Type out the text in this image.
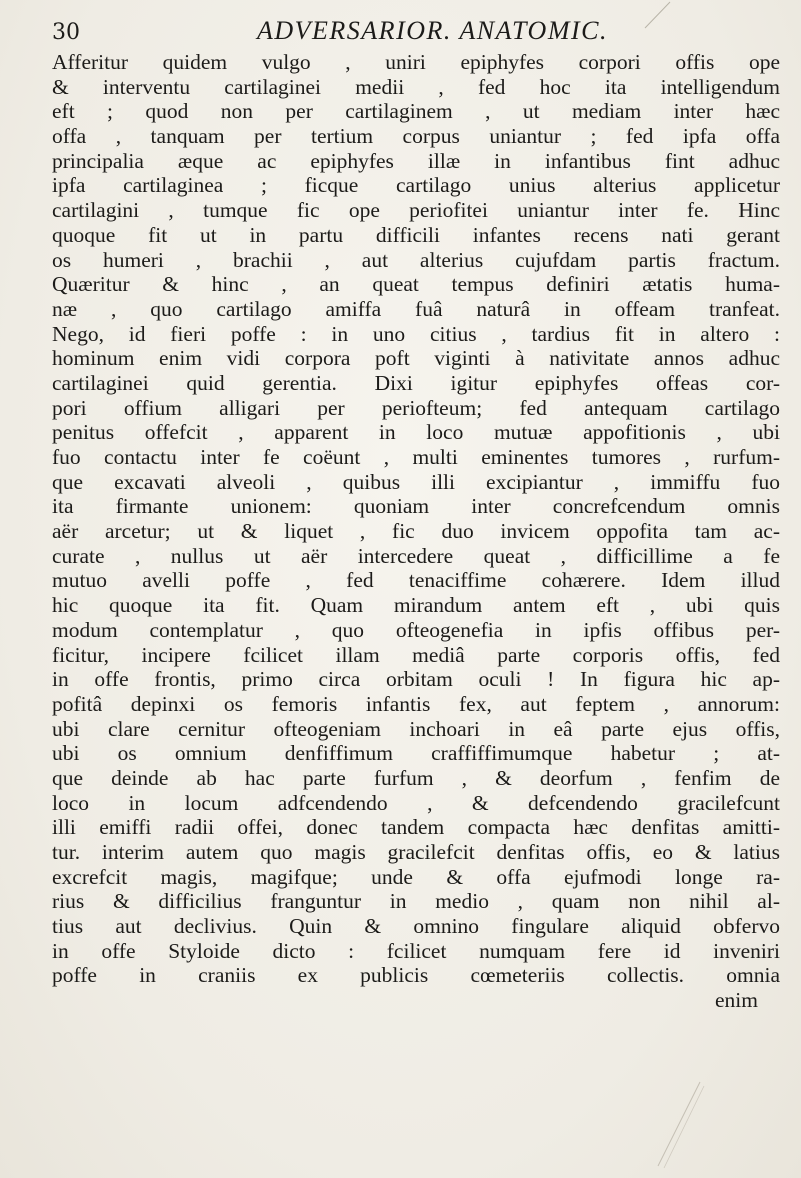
30	ADVERSARIOR. ANATOMIC.
Afferitur quidem vulgo , uniri epiphyfes corpori offis ope
& interventu cartilaginei medii , fed hoc ita intelligendum
eft ; quod non per cartilaginem , ut mediam inter hæc
offa , tanquam per tertium corpus uniantur ; fed ipfa offa
principalia æque ac epiphyfes illæ in infantibus fint adhuc
ipfa cartilaginea ; ficque cartilago unius alterius applicetur
cartilagini , tumque fic ope periofitei uniantur inter fe. Hinc
quoque fit ut in partu difficili infantes recens nati gerant
os humeri , brachii , aut alterius cujufdam partis fractum.
Quæritur & hinc , an queat tempus definiri ætatis huma-
næ , quo cartilago amiffa fuâ naturâ in offeam tranfeat.
Nego, id fieri poffe : in uno citius , tardius fit in altero :
hominum enim vidi corpora poft viginti à nativitate annos adhuc
cartilaginei quid gerentia. Dixi igitur epiphyfes offeas cor-
pori offium alligari per periofteum; fed antequam cartilago
penitus offefcit , apparent in loco mutuæ appofitionis , ubi
fuo contactu inter fe coëunt , multi eminentes tumores , rurfum-
que excavati alveoli , quibus illi excipiantur , immiffu fuo
ita firmante unionem: quoniam inter concrefcendum omnis
aër arcetur; ut & liquet , fic duo invicem oppofita tam ac-
curate , nullus ut aër intercedere queat , difficillime a fe
mutuo avelli poffe , fed tenaciffime cohærere. Idem illud
hic quoque ita fit. Quam mirandum antem eft , ubi quis
modum contemplatur , quo ofteogenefia in ipfis offibus per-
ficitur, incipere fcilicet illam mediâ parte corporis offis, fed
in offe frontis, primo circa orbitam oculi ! In figura hic ap-
pofitâ depinxi os femoris infantis fex, aut feptem , annorum:
ubi clare cernitur ofteogeniam inchoari in eâ parte ejus offis,
ubi os omnium denfiffimum craffiffimumque habetur ; at-
que deinde ab hac parte furfum , & deorfum , fenfim de
loco in locum adfcendendo , & defcendendo gracilefcunt
illi emiffi radii offei, donec tandem compacta hæc denfitas amitti-
tur. interim autem quo magis gracilefcit denfitas offis, eo & latius
excrefcit magis, magifque; unde & offa ejufmodi longe ra-
rius & difficilius franguntur in medio , quam non nihil al-
tius aut declivius. Quin & omnino fingulare aliquid obfervo
in offe Styloide dicto : fcilicet numquam fere id inveniri
poffe in craniis ex publicis cœmeteriis collectis. omnia
enim
